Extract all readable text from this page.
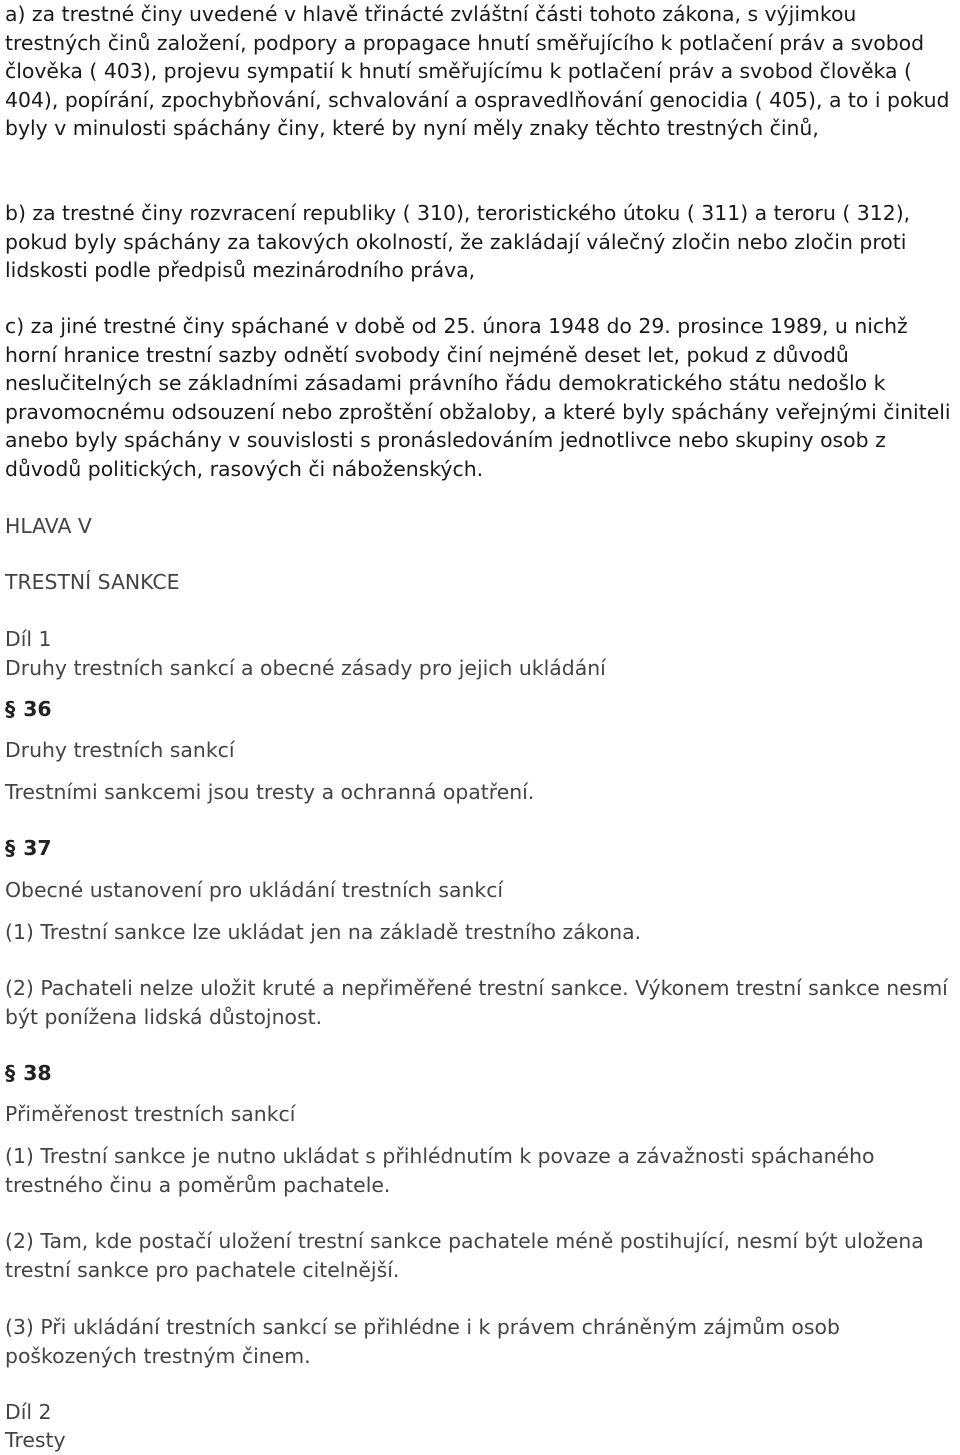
a) za trestné činy uvedené v hlavě třinácté zvláštní části tohoto zákona, s výjimkou trestných činů založení, podpory a propagace hnutí směřujícího k potlačení práv a svobod člověka ( 403), projevu sympatií k hnutí směřujícímu k potlačení práv a svobod člověka ( 404), popírání, zpochybňování, schvalování a ospravedlňování genocidia ( 405), a to i pokud byly v minulosti spáchány činy, které by nyní měly znaky těchto trestných činů,

b) za trestné činy rozvracení republiky ( 310), teroristického útoku ( 311) a teroru ( 312), pokud byly spáchány za takových okolností, že zakládají válečný zločin nebo zločin proti lidskosti podle předpisů mezinárodního práva,

c) za jiné trestné činy spáchané v době od 25. února 1948 do 29. prosince 1989, u nichž horní hranice trestní sazby odnětí svobody činí nejméně deset let, pokud z důvodů neslučitelných se základními zásadami právního řádu demokratického státu nedošlo k pravomocnému odsouzení nebo zproštění obžaloby, a které byly spáchány veřejnými činiteli anebo byly spáchány v souvislosti s pronásledováním jednotlivce nebo skupiny osob z důvodů politických, rasových či náboženských.

HLAVA V

TRESTNÍ SANKCE

Díl 1

Druhy trestních sankcí a obecné zásady pro jejich ukládání

§ 36

Druhy trestních sankcí

Trestními sankcemi jsou tresty a ochranná opatření.

§ 37

Obecné ustanovení pro ukládání trestních sankcí

(1) Trestní sankce lze ukládat jen na základě trestního zákona.

(2) Pachateli nelze uložit kruté a nepřiměřené trestní sankce. Výkonem trestní sankce nesmí být ponížena lidská důstojnost.

§ 38

Přiměřenost trestních sankcí

(1) Trestní sankce je nutno ukládat s přihlédnutím k povaze a závažnosti spáchaného trestného činu a poměrům pachatele.

(2) Tam, kde postačí uložení trestní sankce pachatele méně postihující, nesmí být uložena trestní sankce pro pachatele citelnější.

(3) Při ukládání trestních sankcí se přihlédne i k právem chráněným zájmům osob poškozených trestným činem.

Díl 2

Tresty
